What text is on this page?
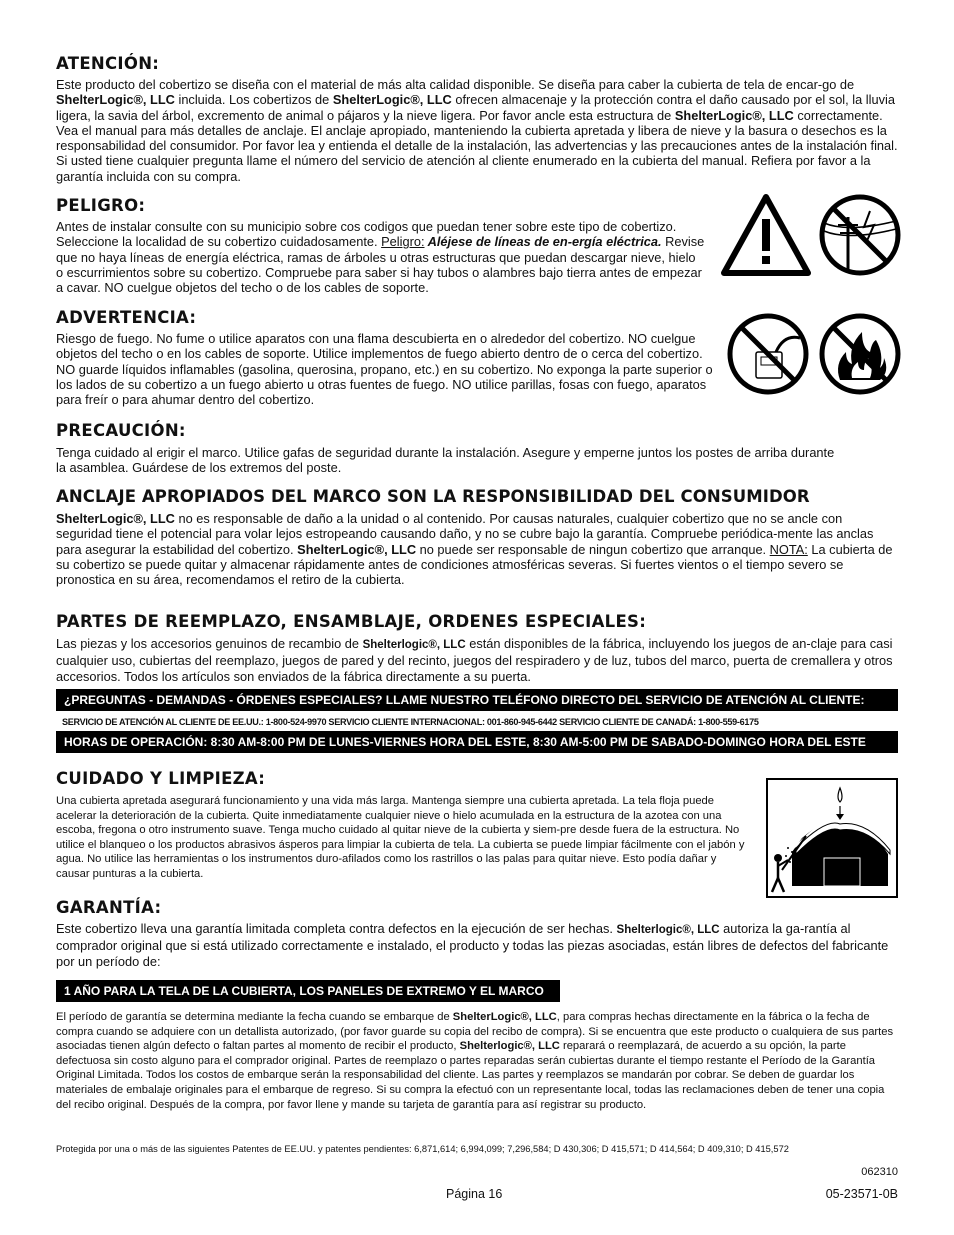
ATENCIÓN:

Este producto del cobertizo se diseña con el material de más alta calidad disponible. Se diseña para caber la cubierta de tela de encar-go de ShelterLogic®, LLC incluida. Los cobertizos de ShelterLogic®, LLC ofrecen almacenaje y la protección contra el daño causado por el sol, la lluvia ligera, la savia del árbol, excremento de animal o pájaros y la nieve ligera. Por favor ancle esta estructura de ShelterLogic®, LLC correctamente. Vea el manual para más detalles de anclaje. El anclaje apropiado, manteniendo la cubierta apretada y libera de nieve y la basura o desechos es la responsabilidad del consumidor. Por favor lea y entienda el detalle de la instalación, las advertencias y las precauciones antes de la instalación final. Si usted tiene cualquier pregunta llame el número del servicio de atención al cliente enumerado en la cubierta del manual. Refiera por favor a la garantía incluida con su compra.

PELIGRO:

Antes de instalar consulte con su municipio sobre cos codigos que puedan tener sobre este tipo de cobertizo. Seleccione la localidad de su cobertizo cuidadosamente. Peligro: Aléjese de líneas de en-ergía eléctrica. Revise que no haya líneas de energía eléctrica, ramas de árboles u otras estructuras que puedan descargar nieve, hielo o escurrimientos sobre su cobertizo. Compruebe para saber si hay tubos o alambres bajo tierra antes de empezar a cavar. NO cuelgue objetos del techo o de los cables de soporte.

ADVERTENCIA:

Riesgo de fuego. No fume o utilice aparatos con una flama descubierta en o alrededor del cobertizo. NO cuelgue objetos del techo o en los cables de soporte. Utilice implementos de fuego abierto dentro de o cerca del cobertizo. NO guarde líquidos inflamables (gasolina, querosina, propano, etc.) en su cobertizo. No exponga la parte superior o los lados de su cobertizo a un fuego abierto u otras fuentes de fuego. NO utilice parillas, fosas con fuego, aparatos para freír o para ahumar dentro del cobertizo.

PRECAUCIÓN:

Tenga cuidado al erigir el marco. Utilice gafas de seguridad durante la instalación. Asegure y emperne juntos los postes de arriba durante la asamblea. Guárdese de los extremos del poste.

ANCLAJE APROPIADOS DEL MARCO SON LA RESPONSIBILIDAD DEL CONSUMIDOR

ShelterLogic®, LLC no es responsable de daño a la unidad o al contenido. Por causas naturales, cualquier cobertizo que no se ancle con seguridad tiene el potencial para volar lejos estropeando causando daño, y no se cubre bajo la garantía. Compruebe periódica-mente las anclas para asegurar la estabilidad del cobertizo. ShelterLogic®, LLC no puede ser responsable de ningun cobertizo que arranque. NOTA: La cubierta de su cobertizo se puede quitar y almacenar rápidamente antes de condiciones atmosféricas severas. Si fuertes vientos o el tiempo severo se pronostica en su área, recomendamos el retiro de la cubierta.

PARTES DE REEMPLAZO, ENSAMBLAJE, ORDENES ESPECIALES:

Las piezas y los accesorios genuinos de recambio de Shelterlogic®, LLC están disponibles de la fábrica, incluyendo los juegos de an-claje para casi cualquier uso, cubiertas del reemplazo, juegos de pared y del recinto, juegos del respiradero y de luz, tubos del marco, puerta de cremallera y otros accesorios. Todos los artículos son enviados de la fábrica directamente a su puerta.

¿PREGUNTAS - DEMANDAS - ÓRDENES ESPECIALES? LLAME NUESTRO TELÉFONO DIRECTO DEL SERVICIO DE ATENCIÓN AL CLIENTE:
SERVICIO DE ATENCIÓN AL CLIENTE DE EE.UU.: 1-800-524-9970 SERVICIO CLIENTE INTERNACIONAL: 001-860-945-6442 SERVICIO CLIENTE DE CANADÁ: 1-800-559-6175
HORAS DE OPERACIÓN: 8:30 AM-8:00 PM DE LUNES-VIERNES HORA DEL ESTE, 8:30 AM-5:00 PM DE SABADO-DOMINGO HORA DEL ESTE
CUIDADO Y LIMPIEZA:

Una cubierta apretada asegurará funcionamiento y una vida más larga. Mantenga siempre una cubierta apretada. La tela floja puede acelerar la deterioración de la cubierta. Quite inmediatamente cualquier nieve o hielo acumulada en la estructura de la azotea con una escoba, fregona o otro instrumento suave. Tenga mucho cuidado al quitar nieve de la cubierta y siem-pre desde fuera de la estructura. No utilice el blanqueo o los productos abrasivos ásperos para limpiar la cubierta de tela. La cubierta se puede limpiar fácilmente con el jabón y agua. No utilice las herramientas o los instrumentos duro-afilados como los rastrillos o las palas para quitar nieve. Esto podía dañar y causar punturas a la cubierta.

GARANTÍA:

Este cobertizo lleva una garantía limitada completa contra defectos en la ejecución de ser hechas. Shelterlogic®, LLC autoriza la ga-rantía al comprador original que si está utilizado correctamente e instalado, el producto y todas las piezas asociadas, están libres de defectos del fabricante por un período de:

1 AÑO PARA LA TELA DE LA CUBIERTA, LOS PANELES DE EXTREMO Y EL MARCO

El período de garantía se determina mediante la fecha cuando se embarque de ShelterLogic®, LLC, para compras hechas directamente en la fábrica o la fecha de compra cuando se adquiere con un detallista autorizado, (por favor guarde su copia del recibo de compra). Si se encuentra que este producto o cualquiera de sus partes asociadas tienen algún defecto o faltan partes al momento de recibir el producto, Shelterlogic®, LLC reparará o reemplazará, de acuerdo a su opción, la parte defectuosa sin costo alguno para el comprador original. Partes de reemplazo o partes reparadas serán cubiertas durante el tiempo restante el Período de la Garantía Original Limitada. Todos los costos de embarque serán la responsabilidad del cliente. Las partes y reemplazos se mandarán por cobrar. Se deben de guardar los materiales de embalaje originales para el embarque de regreso. Si su compra la efectuó con un representante local, todas las reclamaciones deben de tener una copia del recibo original. Después de la compra, por favor llene y mande su tarjeta de garantía para así registrar su producto.

Protegida por una o más de las siguientes Patentes de EE.UU. y patentes pendientes: 6,871,614; 6,994,099; 7,296,584; D 430,306; D 415,571; D 414,564; D 409,310; D 415,572
062310
Página 16	05-23571-0B
